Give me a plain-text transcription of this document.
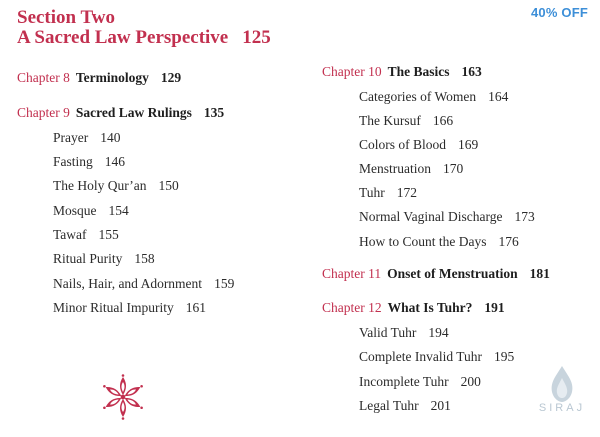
40% OFF
Section Two
A Sacred Law Perspective 125
Chapter 8 Terminology 129
Chapter 9 Sacred Law Rulings 135
Prayer 140
Fasting 146
The Holy Qur’an 150
Mosque 154
Tawaf 155
Ritual Purity 158
Nails, Hair, and Adornment 159
Minor Ritual Impurity 161
Chapter 10 The Basics 163
Categories of Women 164
The Kursuf 166
Colors of Blood 169
Menstruation 170
Tuhr 172
Normal Vaginal Discharge 173
How to Count the Days 176
Chapter 11 Onset of Menstruation 181
Chapter 12 What Is Tuhr? 191
Valid Tuhr 194
Complete Invalid Tuhr 195
Incomplete Tuhr 200
Legal Tuhr 201	SIRAJ
